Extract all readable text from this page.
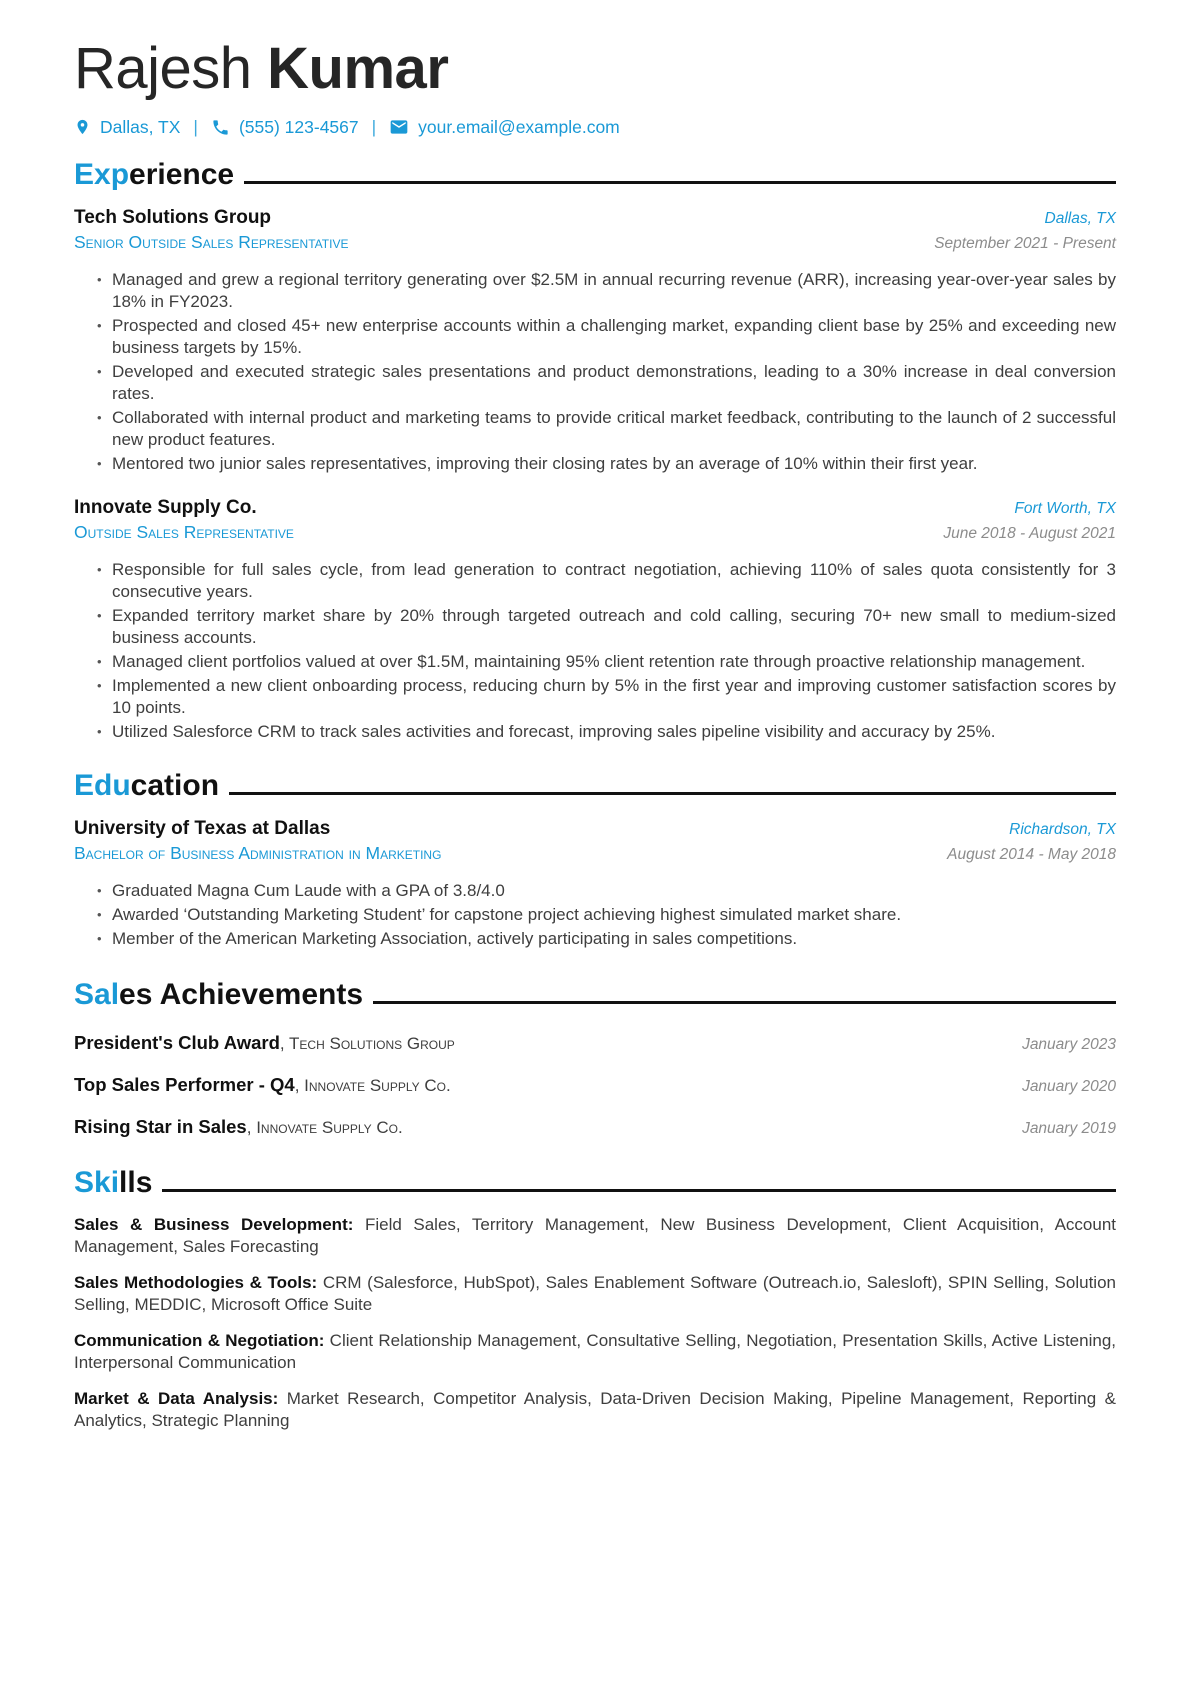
Rajesh Kumar
Dallas, TX | (555) 123-4567 | your.email@example.com
Experience
Tech Solutions Group	Dallas, TX
Senior Outside Sales Representative	September 2021 - Present
• Managed and grew a regional territory generating over $2.5M in annual recurring revenue (ARR), increasing year-over-year sales by 18% in FY2023.
• Prospected and closed 45+ new enterprise accounts within a challenging market, expanding client base by 25% and exceeding new business targets by 15%.
• Developed and executed strategic sales presentations and product demonstrations, leading to a 30% increase in deal conversion rates.
• Collaborated with internal product and marketing teams to provide critical market feedback, contributing to the launch of 2 successful new product features.
• Mentored two junior sales representatives, improving their closing rates by an average of 10% within their first year.
Innovate Supply Co.	Fort Worth, TX
Outside Sales Representative	June 2018 - August 2021
• Responsible for full sales cycle, from lead generation to contract negotiation, achieving 110% of sales quota consistently for 3 consecutive years.
• Expanded territory market share by 20% through targeted outreach and cold calling, securing 70+ new small to medium-sized business accounts.
• Managed client portfolios valued at over $1.5M, maintaining 95% client retention rate through proactive relationship management.
• Implemented a new client onboarding process, reducing churn by 5% in the first year and improving customer satisfaction scores by 10 points.
• Utilized Salesforce CRM to track sales activities and forecast, improving sales pipeline visibility and accuracy by 25%.
Education
University of Texas at Dallas	Richardson, TX
Bachelor of Business Administration in Marketing	August 2014 - May 2018
• Graduated Magna Cum Laude with a GPA of 3.8/4.0
• Awarded ‘Outstanding Marketing Student’ for capstone project achieving highest simulated market share.
• Member of the American Marketing Association, actively participating in sales competitions.
Sales Achievements
President's Club Award, Tech Solutions Group	January 2023
Top Sales Performer - Q4, Innovate Supply Co.	January 2020
Rising Star in Sales, Innovate Supply Co.	January 2019
Skills

Sales & Business Development: Field Sales, Territory Management, New Business Development, Client Acquisition, Account Management, Sales Forecasting

Sales Methodologies & Tools: CRM (Salesforce, HubSpot), Sales Enablement Software (Outreach.io, Salesloft), SPIN Selling, Solution Selling, MEDDIC, Microsoft Office Suite

Communication & Negotiation: Client Relationship Management, Consultative Selling, Negotiation, Presentation Skills, Active Listening, Interpersonal Communication

Market & Data Analysis: Market Research, Competitor Analysis, Data-Driven Decision Making, Pipeline Management, Reporting & Analytics, Strategic Planning
